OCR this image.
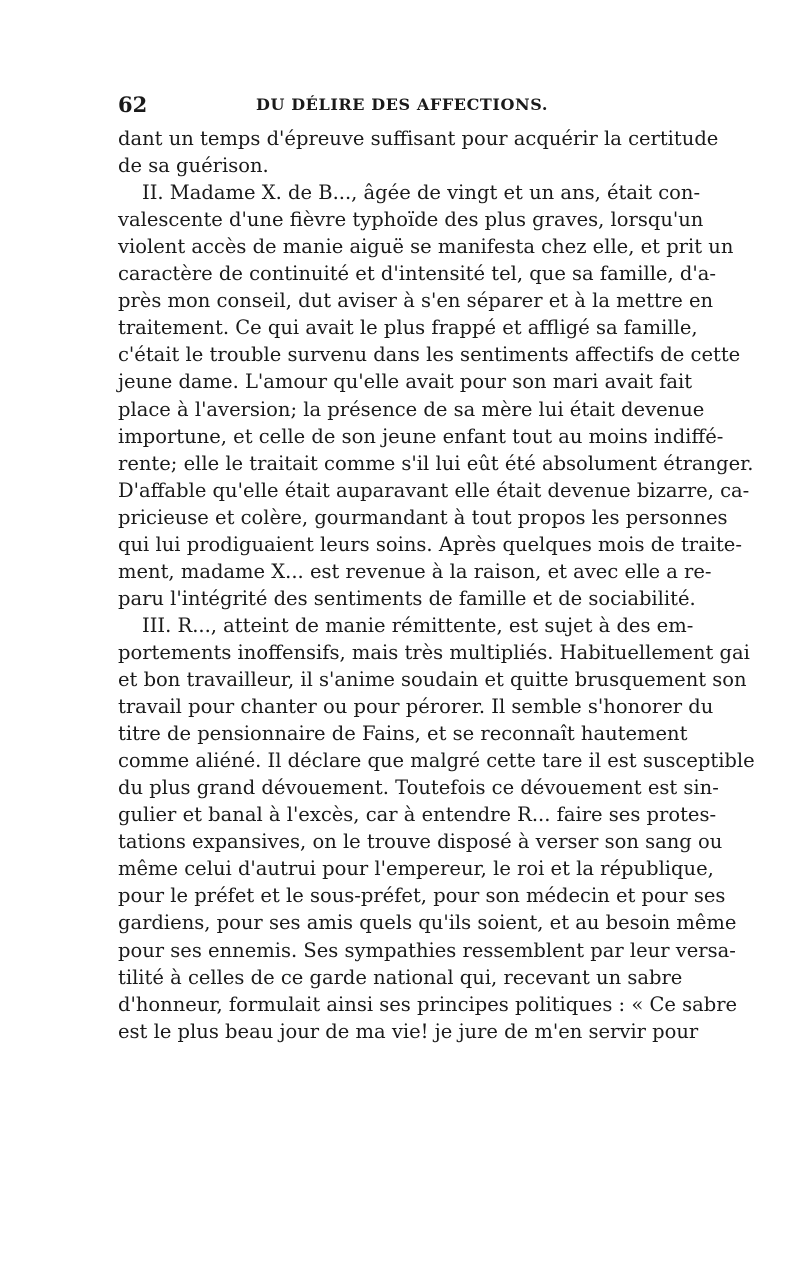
62	DU DÉLIRE DES AFFECTIONS.
dant un temps d'épreuve suffisant pour acquérir la certitude
de sa guérison.
II. Madame X. de B..., âgée de vingt et un ans, était con-
valescente d'une fièvre typhoïde des plus graves, lorsqu'un
violent accès de manie aiguë se manifesta chez elle, et prit un
caractère de continuité et d'intensité tel, que sa famille, d'a-
près mon conseil, dut aviser à s'en séparer et à la mettre en
traitement. Ce qui avait le plus frappé et affligé sa famille,
c'était le trouble survenu dans les sentiments affectifs de cette
jeune dame. L'amour qu'elle avait pour son mari avait fait
place à l'aversion; la présence de sa mère lui était devenue
importune, et celle de son jeune enfant tout au moins indiffé-
rente; elle le traitait comme s'il lui eût été absolument étranger.
D'affable qu'elle était auparavant elle était devenue bizarre, ca-
pricieuse et colère, gourmandant à tout propos les personnes
qui lui prodiguaient leurs soins. Après quelques mois de traite-
ment, madame X... est revenue à la raison, et avec elle a re-
paru l'intégrité des sentiments de famille et de sociabilité.
III. R..., atteint de manie rémittente, est sujet à des em-
portements inoffensifs, mais très multipliés. Habituellement gai
et bon travailleur, il s'anime soudain et quitte brusquement son
travail pour chanter ou pour pérorer. Il semble s'honorer du
titre de pensionnaire de Fains, et se reconnaît hautement
comme aliéné. Il déclare que malgré cette tare il est susceptible
du plus grand dévouement. Toutefois ce dévouement est sin-
gulier et banal à l'excès, car à entendre R... faire ses protes-
tations expansives, on le trouve disposé à verser son sang ou
même celui d'autrui pour l'empereur, le roi et la république,
pour le préfet et le sous-préfet, pour son médecin et pour ses
gardiens, pour ses amis quels qu'ils soient, et au besoin même
pour ses ennemis. Ses sympathies ressemblent par leur versa-
tilité à celles de ce garde national qui, recevant un sabre
d'honneur, formulait ainsi ses principes politiques : « Ce sabre
est le plus beau jour de ma vie! je jure de m'en servir pour
